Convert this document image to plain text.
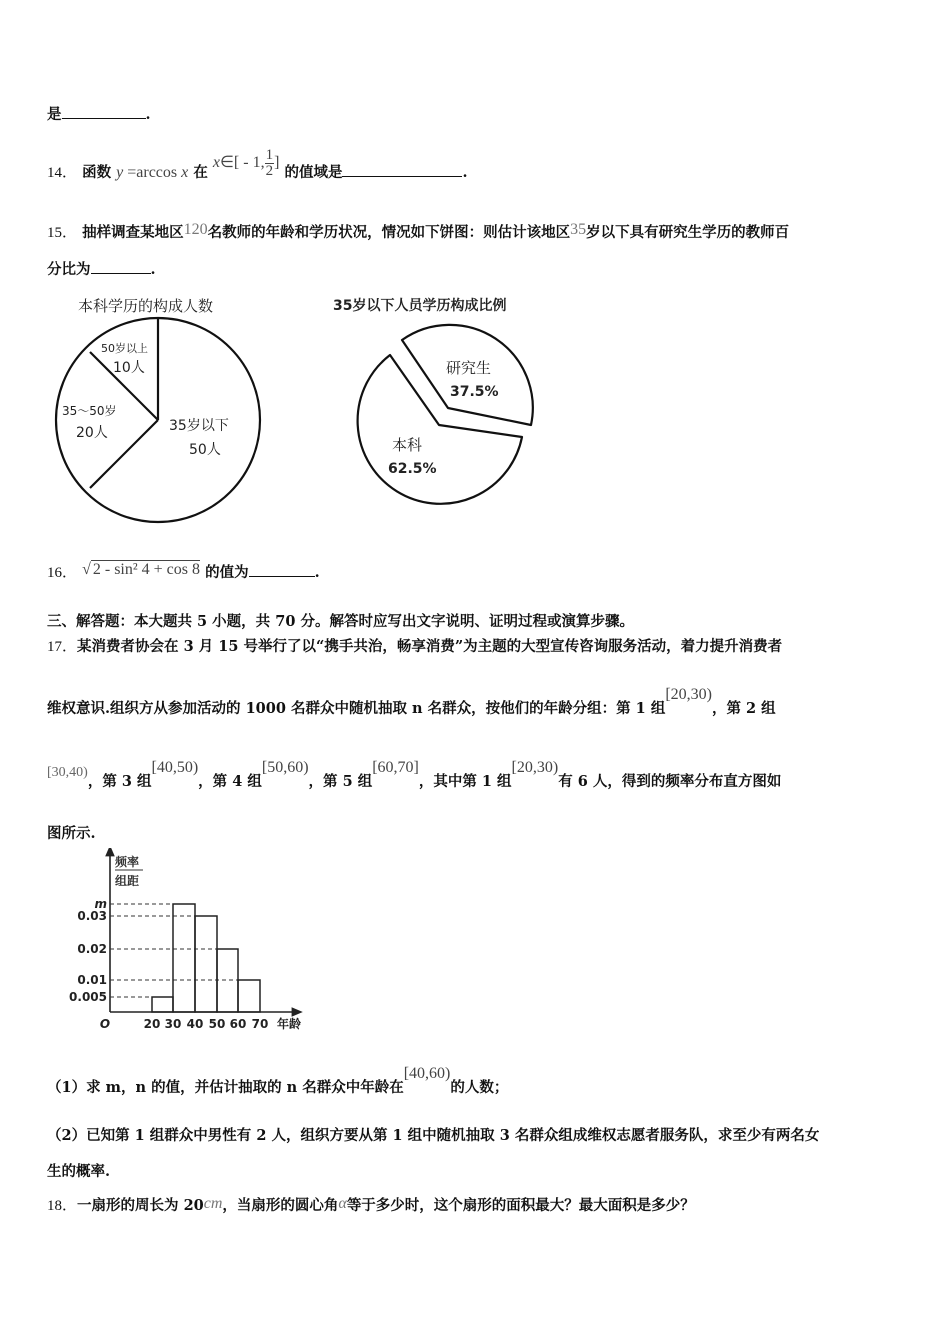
是	.
14． 函数 y =arccos x 在 x∈[ - 1, $\frac{1}{2}$ ] 的值域是	.
15． 抽样调查某地区120名教师的年龄和学历状况，情况如下饼图：则估计该地区35岁以下具有研究生学历的教师百
分比为	.
本科学历的构成人数
50岁以上
10人
35～50岁
20人	35岁以下
50人
35岁以下人员学历构成比例
研究生
37.5%
本科
62.5%
16． √ 2 - sin² 4 + cos 8 的值为	.
三、解答题：本大题共 5 小题，共 70 分。解答时应写出文字说明、证明过程或演算步骤。
17．某消费者协会在 3 月 15 号举行了以“携手共治，畅享消费”为主题的大型宣传咨询服务活动，着力提升消费者
维权意识.组织方从参加活动的 1000 名群众中随机抽取 n 名群众，按他们的年龄分组：第 1 组[20,30)，第 2 组
[30,40)，第 3 组[40,50)，第 4 组[50,60)，第 5 组[60,70]，其中第 1 组[20,30)有 6 人，得到的频率分布直方图如
图所示.
频率
组距
m
0.03
0.02
0.01
0.005
O	20 30 40 50 60 70 年龄
（1）求 m，n 的值，并估计抽取的 n 名群众中年龄在[40,60)的人数；
（2）已知第 1 组群众中男性有 2 人，组织方要从第 1 组中随机抽取 3 名群众组成维权志愿者服务队，求至少有两名女
生的概率.
18．一扇形的周长为 20cm，当扇形的圆心角α等于多少时，这个扇形的面积最大？最大面积是多少？
